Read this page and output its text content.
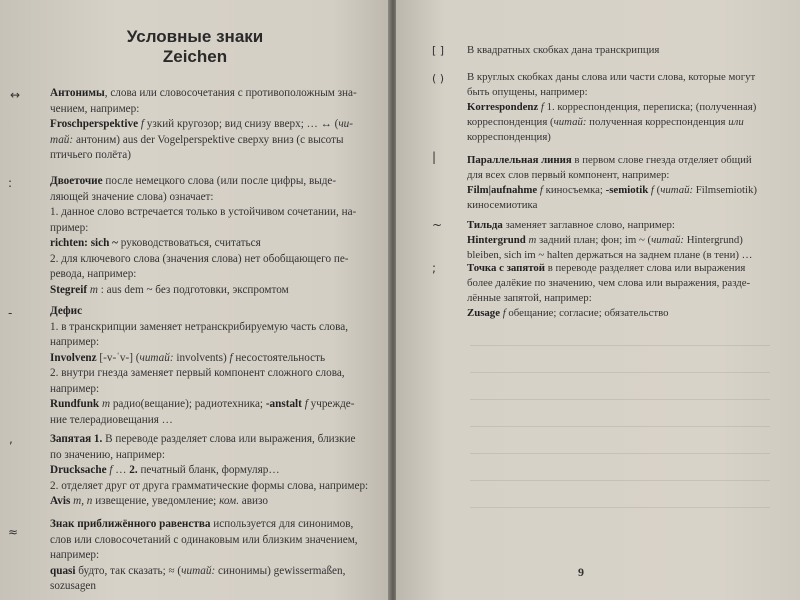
Условные знаки
Zeichen
↔	Антонимы, слова или словосочетания с противоположным зна-

чением, например:

Froschperspektive f узкий кругозор; вид снизу вверх; … ↔ (чи-

тай: антоним) aus der Vogelperspektive сверху вниз (с высоты

птичьего полёта)

:	Двоеточие после немецкого слова (или после цифры, выде-

ляющей значение слова) означает:

1. данное слово встречается только в устойчивом сочетании, на-

пример:

richten: sich ~ руководствоваться, считаться

2. для ключевого слова (значения слова) нет обобщающего пе-

ревода, например:

Stegreif m : aus dem ~ без подготовки, экспромтом

-	Дефис

1. в транскрипции заменяет нетранскрибируемую часть слова,

например:

Involvenz [-v-ˈv-] (читай: involvents) f несостоятельность

2. внутри гнезда заменяет первый компонент сложного слова,

например:

Rundfunk m радио(вещание); радиотехника; -anstalt f учрежде-

ние телерадиовещания …

,	Запятая 1. В переводе разделяет слова или выражения, близкие

по значению, например:

Drucksache f … 2. печатный бланк, формуляр…

2. отделяет друг от друга грамматические формы слова, например:

Avis m, n извещение, уведомление; ком. авизо

≈

Знак приближённого равенства используется для синонимов,

слов или словосочетаний с одинаковым или близким значением,

например:

quasi будто, так сказать; ≈ (читай: синонимы) gewissermaßen,

sozusagen

[ ] В квадратных скобках дана транскрипция

( ) В круглых скобках даны слова или части слова, которые могут

быть опущены, например:

Korrespondenz f 1. корреспонденция, переписка; (полученная)

корреспонденция (читай: полученная корреспонденция или

корреспонденция)

|	Параллельная линия в первом слове гнезда отделяет общий

для всех слов первый компонент, например:

Film|aufnahme f киносъемка; -semiotik f (читай: Filmsemiotik)

киносемиотика

~ Тильда заменяет заглавное слово, например:

Hintergrund m задний план; фон; im ~ (читай: Hintergrund)

bleiben, sich im ~ halten держаться на заднем плане (в тени) …

;	Точка с запятой в переводе разделяет слова или выражения

более далёкие по значению, чем слова или выражения, разде-

лённые запятой, например:

Zusage f обещание; согласие; обязательство

9
